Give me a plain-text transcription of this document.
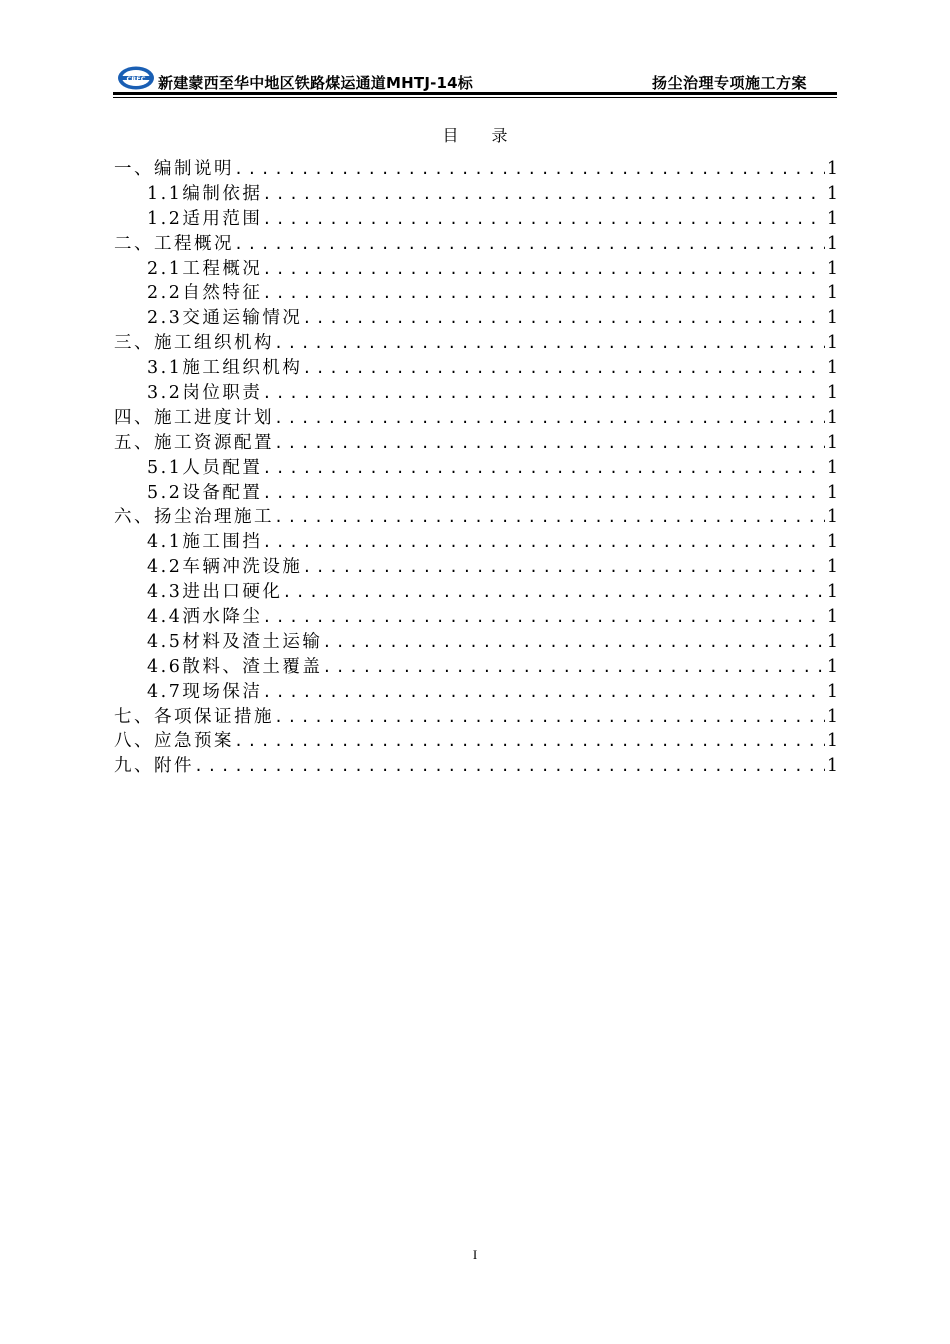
CREC 新建蒙西至华中地区铁路煤运通道MHTJ-14标	扬尘治理专项施工方案
目 录
一、编制说明 .....	1
1.1编制依据 .....	1
1.2适用范围 .....	1
二、工程概况 .....	1
2.1工程概况 .....	1
2.2自然特征 .....	1
2.3交通运输情况 .....	1
三、施工组织机构 .....	1
3.1施工组织机构 .....	1
3.2岗位职责 .....	1
四、施工进度计划 .....	1
五、施工资源配置 .....	1
5.1人员配置 .....	1
5.2设备配置 .....	1
六、扬尘治理施工 .....	1
4.1施工围挡 .....	1
4.2车辆冲洗设施 .....	1
4.3进出口硬化 .....	1
4.4洒水降尘 .....	1
4.5材料及渣土运输 .....	1
4.6散料、渣土覆盖 .....	1
4.7现场保洁 .....	1
七、各项保证措施 .....	1
八、应急预案 .....	1
九、附件 .....	1
I
